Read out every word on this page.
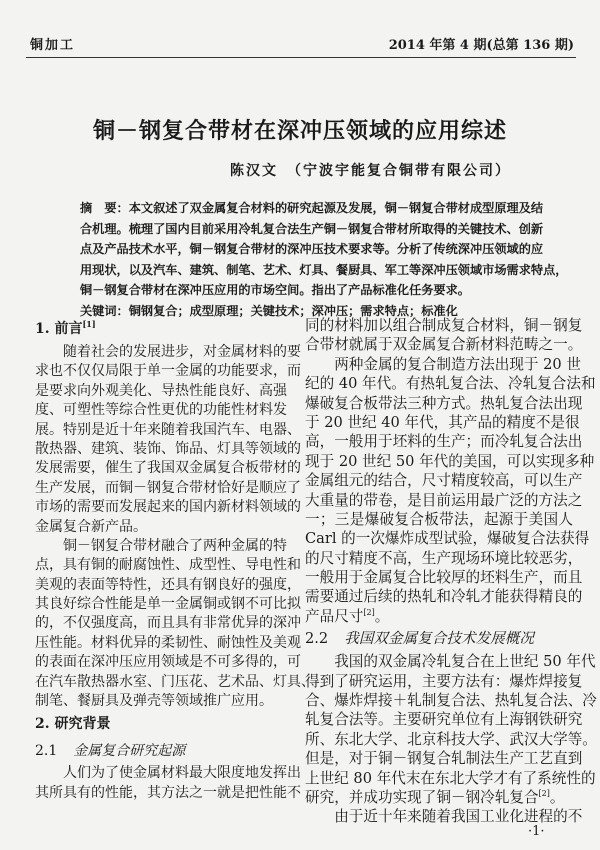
铜加工	2014 年第 4 期(总第 136 期)
铜－钢复合带材在深冲压领域的应用综述
陈汉文　（宁波宇能复合铜带有限公司）
摘　要：本文叙述了双金属复合材料的研究起源及发展，铜－钢复合带材成型原理及结
合机理。梳理了国内目前采用冷轧复合法生产铜－钢复合带材所取得的关键技术、创新
点及产品技术水平，铜－钢复合带材的深冲压技术要求等。分析了传统深冲压领域的应
用现状，以及汽车、建筑、制笔、艺术、灯具、餐厨具、军工等深冲压领域市场需求特点，
铜－钢复合带材在深冲压应用的市场空间。指出了产品标准化任务要求。
关键词：铜钢复合；成型原理；关键技术；深冲压；需求特点；标准化
1. 前言[1]
随着社会的发展进步，对金属材料的要
求也不仅仅局限于单一金属的功能要求，而
是要求向外观美化、导热性能良好、高强
度、可塑性等综合性更优的功能性材料发
展。特别是近十年来随着我国汽车、电器、
散热器、建筑、装饰、饰品、灯具等领域的
发展需要，催生了我国双金属复合板带材的
生产发展，而铜－钢复合带材恰好是顺应了
市场的需要而发展起来的国内新材料领域的
金属复合新产品。
铜－钢复合带材融合了两种金属的特
点，具有铜的耐腐蚀性、成型性、导电性和
美观的表面等特性，还具有钢良好的强度，
其良好综合性能是单一金属铜或钢不可比拟
的，不仅强度高，而且具有非常优异的深冲
压性能。材料优异的柔韧性、耐蚀性及美观
的表面在深冲压应用领域是不可多得的，可
在汽车散热器水室、门压花、艺术品、灯具、
制笔、餐厨具及弹壳等领域推广应用。
2. 研究背景
2.1 金属复合研究起源
人们为了使金属材料最大限度地发挥出
其所具有的性能，其方法之一就是把性能不
同的材料加以组合制成复合材料，铜－钢复
合带材就属于双金属复合新材料范畴之一。
两种金属的复合制造方法出现于 20 世
纪的 40 年代。有热轧复合法、冷轧复合法和
爆破复合板带法三种方式。热轧复合法出现
于 20 世纪 40 年代，其产品的精度不是很
高，一般用于坯料的生产；而冷轧复合法出
现于 20 世纪 50 年代的美国，可以实现多种
金属组元的结合，尺寸精度较高，可以生产
大重量的带卷，是目前运用最广泛的方法之
一；三是爆破复合板带法，起源于美国人
Carl 的一次爆炸成型试验，爆破复合法获得
的尺寸精度不高，生产现场环境比较恶劣，
一般用于金属复合比较厚的坯料生产，而且
需要通过后续的热轧和冷轧才能获得精良的
产品尺寸[2]。
2.2 我国双金属复合技术发展概况
我国的双金属冷轧复合在上世纪 50 年代
得到了研究运用，主要方法有：爆炸焊接复
合、爆炸焊接＋轧制复合法、热轧复合法、冷
轧复合法等。主要研究单位有上海钢铁研究
所、东北大学、北京科技大学、武汉大学等。
但是，对于铜－钢复合轧制法生产工艺直到
上世纪 80 年代末在东北大学才有了系统性的
研究，并成功实现了铜－钢冷轧复合[2]。
由于近十年来随着我国工业化进程的不
·1·
